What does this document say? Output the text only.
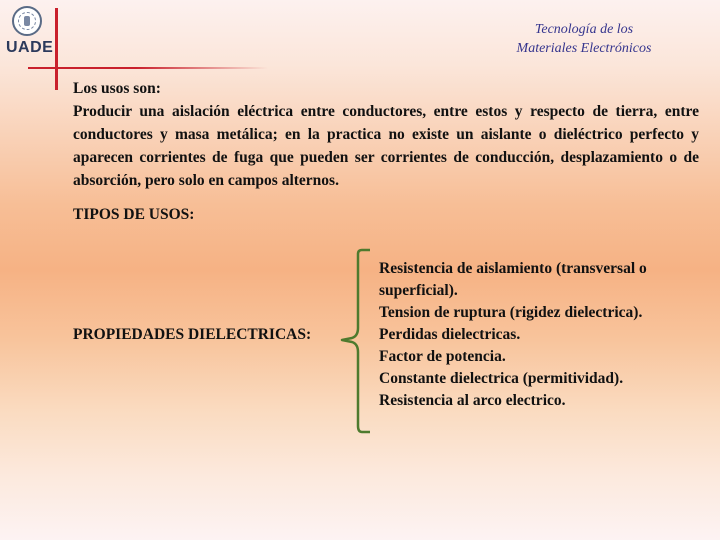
UADE
Tecnología de los
Materiales Electrónicos
Los usos son:

Producir una aislación eléctrica entre conductores, entre estos y respecto de tierra, entre conductores y masa metálica; en la practica no existe un aislante o dieléctrico perfecto y aparecen corrientes de fuga que pueden ser corrientes de conducción, desplazamiento o de absorción, pero solo en campos alternos.

TIPOS DE USOS:
PROPIEDADES DIELECTRICAS:
Resistencia de aislamiento (transversal o superficial).
Tension de ruptura (rigidez dielectrica).
Perdidas dielectricas.
Factor de potencia.
Constante dielectrica (permitividad).
Resistencia al arco electrico.
